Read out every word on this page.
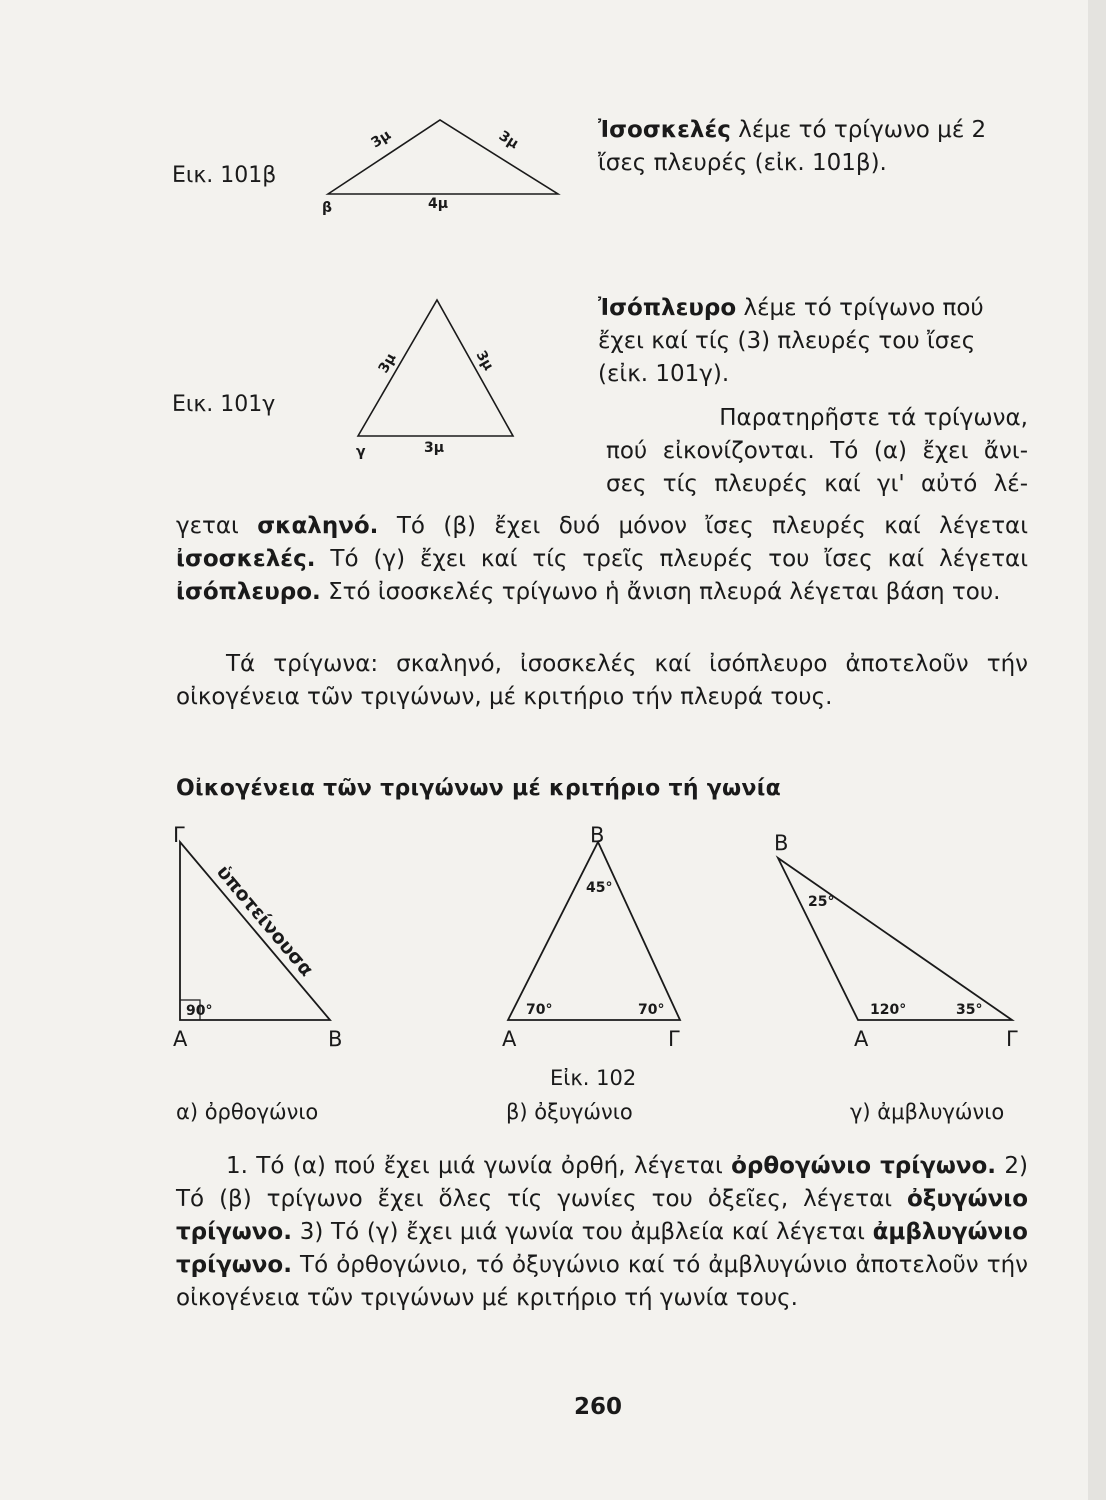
Εικ. 101β
3μ	3μ
4μ
β
Ἰσοσκελές λέμε τό τρίγωνο μέ 2
ἴσες πλευρές (εἰκ. 101β).
Εικ. 101γ
3μ	3μ
3μ
γ
Ἰσόπλευρο λέμε τό τρίγωνο πού
ἔχει καί τίς (3) πλευρές του ἴσες
(εἰκ. 101γ).
Παρατηρῆστε τά τρίγωνα,
πού εἰκονίζονται. Τό (α) ἔχει ἄνι-
σες τίς πλευρές καί γι' αὐτό λέ-
γεται σκαληνό. Τό (β) ἔχει δυό μόνον ἴσες πλευρές καί λέγεται ἰσοσκελές. Τό (γ) ἔχει καί τίς τρεῖς πλευρές του ἴσες καί λέγεται ἰσόπλευρο. Στό ἰσοσκελές τρίγωνο ἡ ἄνιση πλευρά λέγεται βάση του.
Τά τρίγωνα: σκαληνό, ἰσοσκελές καί ἰσόπλευρο ἀποτελοῦν τήν οἰκογένεια τῶν τριγώνων, μέ κριτήριο τήν πλευρά τους.
Οἰκογένεια τῶν τριγώνων μέ κριτήριο τή γωνία
Γ
Α	Β
90°
ὑποτείνουσα
Β
Α	Γ
45°
70°	70°
Β
Α	Γ
25°
120°	35°
Εἰκ. 102
α) ὀρθογώνιο	β) ὀξυγώνιο	γ) ἀμβλυγώνιο
1. Τό (α) πού ἔχει μιά γωνία ὀρθή, λέγεται ὀρθογώνιο τρίγωνο. 2) Τό (β) τρίγωνο ἔχει ὅλες τίς γωνίες του ὀξεῖες, λέγεται ὀξυγώνιο τρίγωνο. 3) Τό (γ) ἔχει μιά γωνία του ἀμβλεία καί λέγεται ἀμβλυγώνιο τρίγωνο. Τό ὀρθογώνιο, τό ὀξυγώνιο καί τό ἀμβλυγώνιο ἀποτελοῦν τήν οἰκογένεια τῶν τριγώνων μέ κριτήριο τή γωνία τους.
260
